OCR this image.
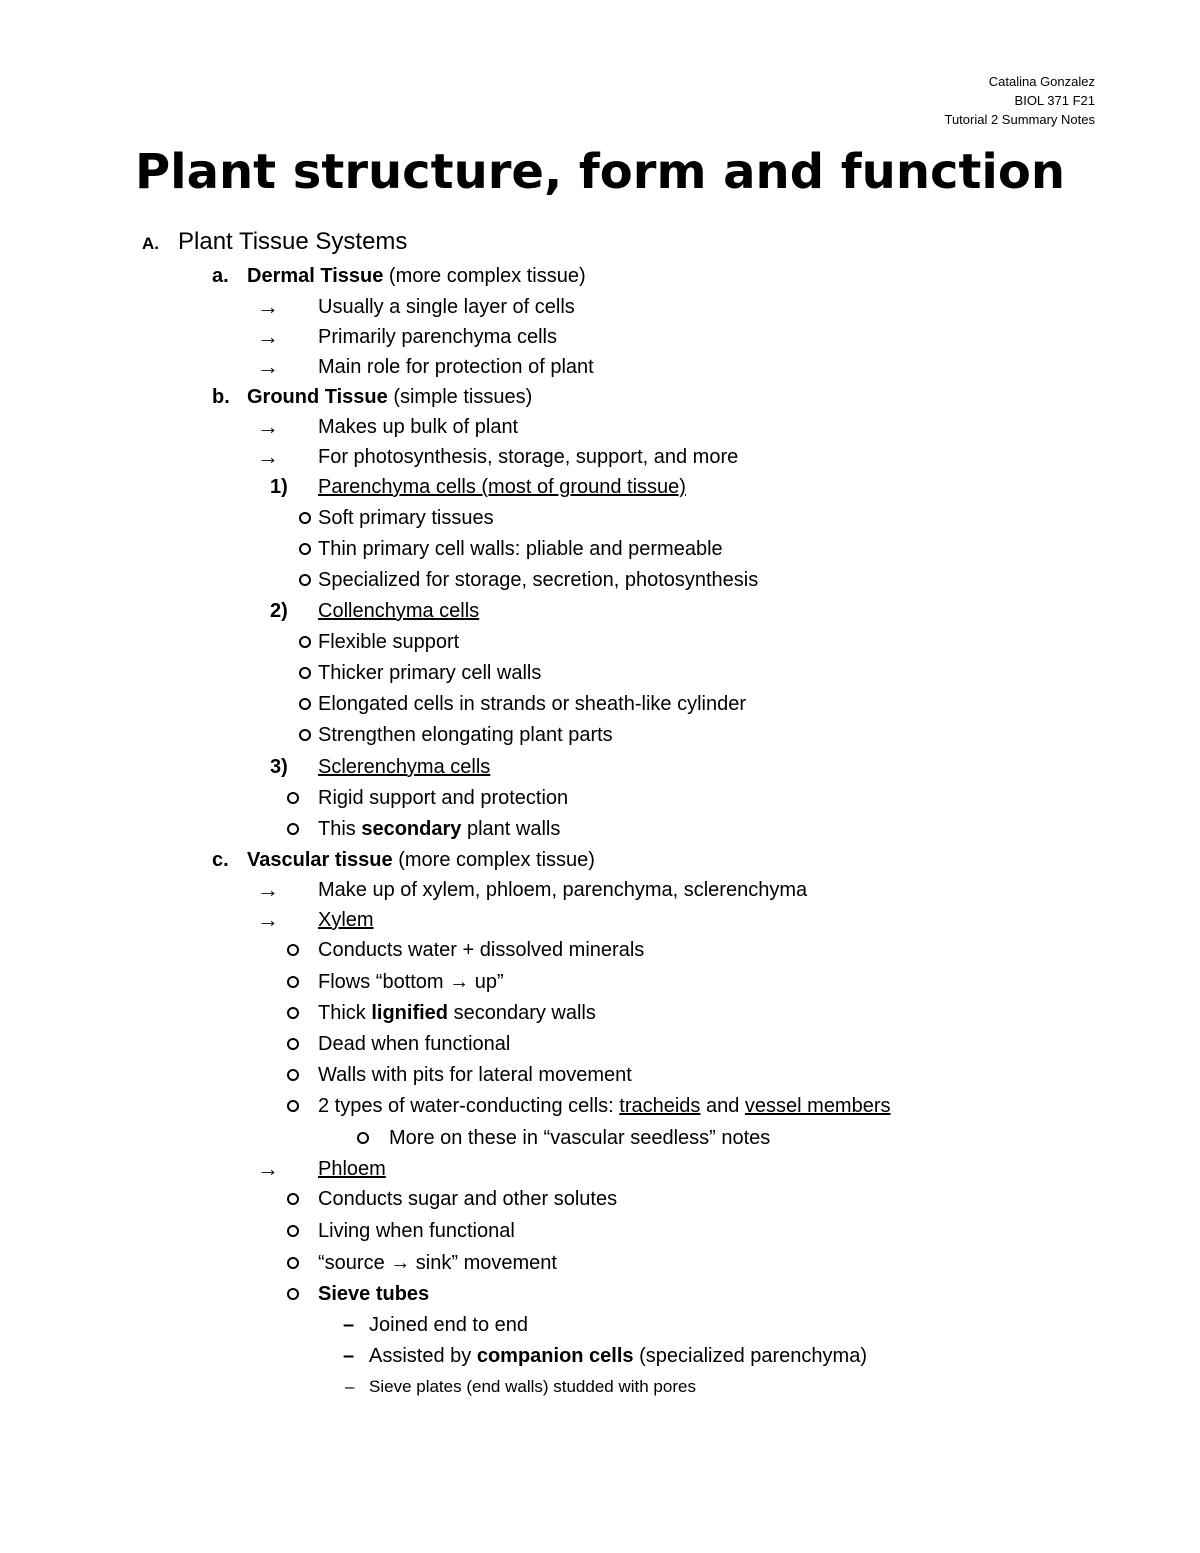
Catalina Gonzalez
BIOL 371 F21
Tutorial 2 Summary Notes
Plant structure, form and function
A. Plant Tissue Systems
a. Dermal Tissue (more complex tissue)
→ Usually a single layer of cells
→ Primarily parenchyma cells
→ Main role for protection of plant
b. Ground Tissue (simple tissues)
→ Makes up bulk of plant
→ For photosynthesis, storage, support, and more
1) Parenchyma cells (most of ground tissue)
Soft primary tissues
Thin primary cell walls: pliable and permeable
Specialized for storage, secretion, photosynthesis
2) Collenchyma cells
Flexible support
Thicker primary cell walls
Elongated cells in strands or sheath-like cylinder
Strengthen elongating plant parts
3) Sclerenchyma cells
Rigid support and protection
This secondary plant walls
c. Vascular tissue (more complex tissue)
→ Make up of xylem, phloem, parenchyma, sclerenchyma
→ Xylem
Conducts water + dissolved minerals
Flows “bottom → up”
Thick lignified secondary walls
Dead when functional
Walls with pits for lateral movement
2 types of water-conducting cells: tracheids and vessel members
More on these in “vascular seedless” notes
→ Phloem
Conducts sugar and other solutes
Living when functional
“source → sink” movement
Sieve tubes
– Joined end to end
– Assisted by companion cells (specialized parenchyma)
– Sieve plates (end walls) studded with pores
